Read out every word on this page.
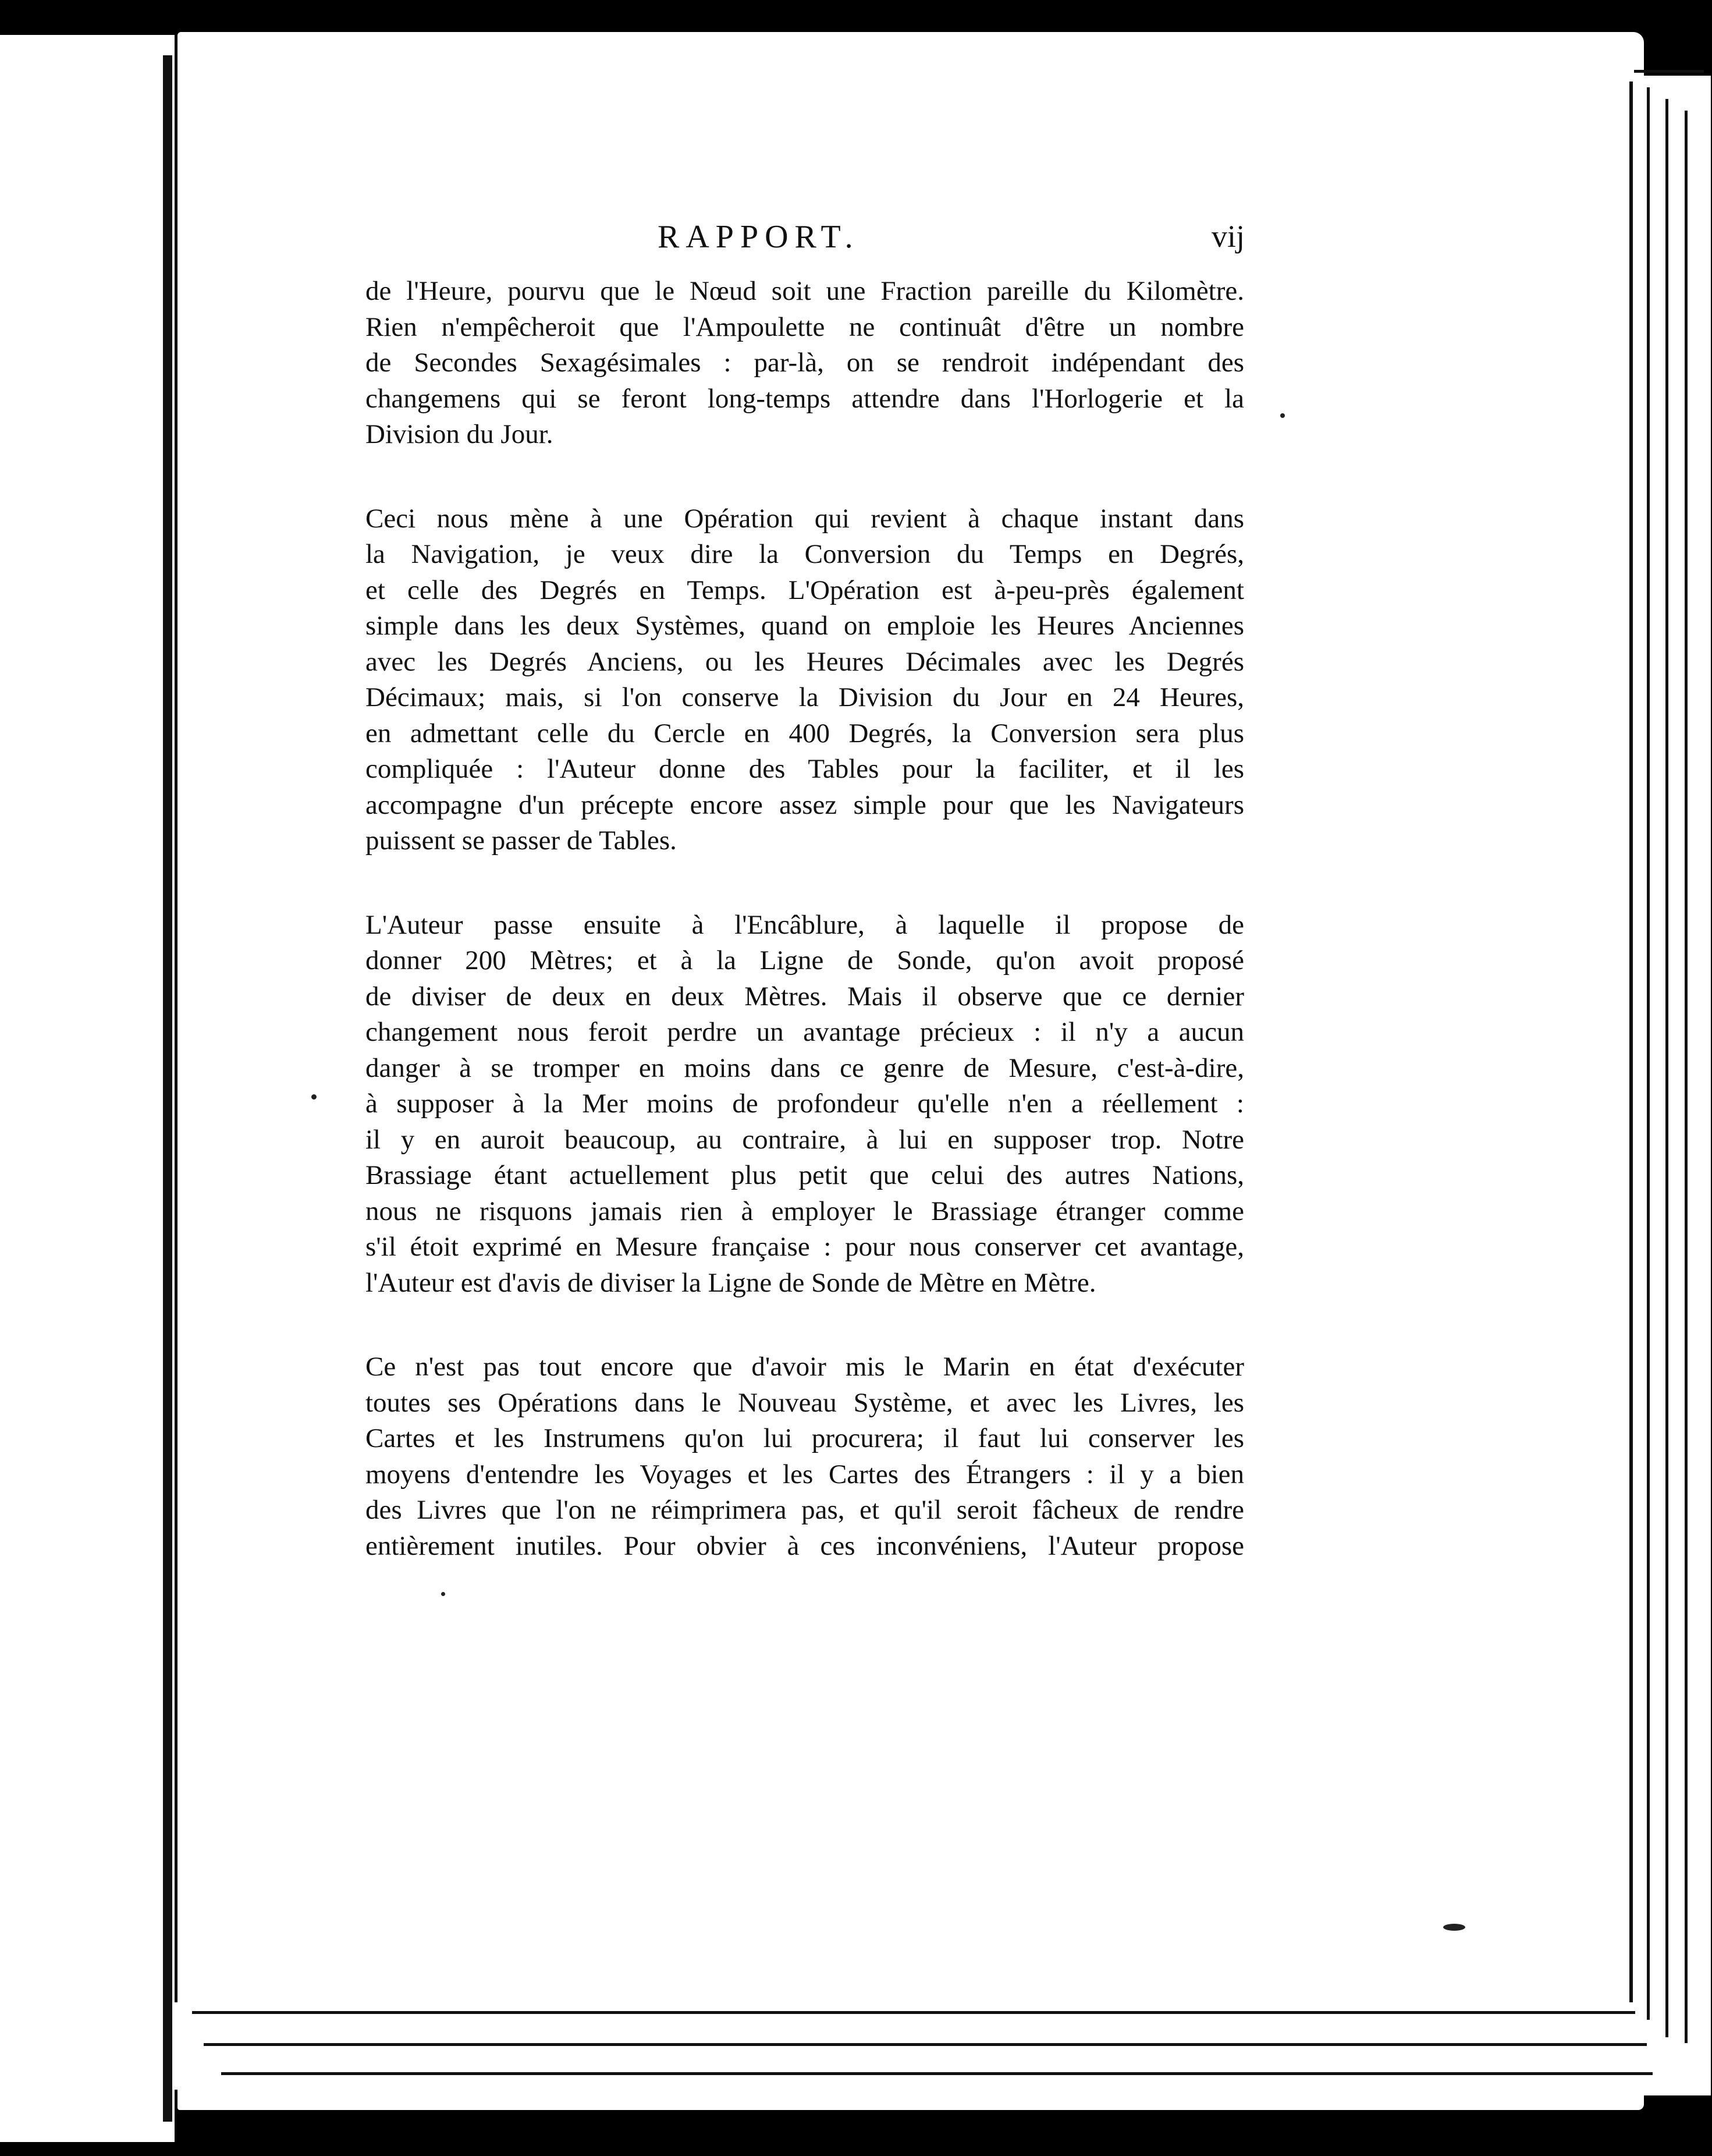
RAPPORT.	vij

de l'Heure, pourvu que le Nœud soit une Fraction pareille du Kilomètre.
Rien n'empêcheroit que l'Ampoulette ne continuât d'être un nombre
de Secondes Sexagésimales : par-là, on se rendroit indépendant des
changemens qui se feront long-temps attendre dans l'Horlogerie et la
Division du Jour.

Ceci nous mène à une Opération qui revient à chaque instant dans
la Navigation, je veux dire la Conversion du Temps en Degrés,
et celle des Degrés en Temps. L'Opération est à-peu-près également
simple dans les deux Systèmes, quand on emploie les Heures Anciennes
avec les Degrés Anciens, ou les Heures Décimales avec les Degrés
Décimaux; mais, si l'on conserve la Division du Jour en 24 Heures,
en admettant celle du Cercle en 400 Degrés, la Conversion sera plus
compliquée : l'Auteur donne des Tables pour la faciliter, et il les
accompagne d'un précepte encore assez simple pour que les Navigateurs
puissent se passer de Tables.

L'Auteur passe ensuite à l'Encâblure, à laquelle il propose de
donner 200 Mètres; et à la Ligne de Sonde, qu'on avoit proposé
de diviser de deux en deux Mètres. Mais il observe que ce dernier
changement nous feroit perdre un avantage précieux : il n'y a aucun
danger à se tromper en moins dans ce genre de Mesure, c'est-à-dire,
à supposer à la Mer moins de profondeur qu'elle n'en a réellement :
il y en auroit beaucoup, au contraire, à lui en supposer trop. Notre
Brassiage étant actuellement plus petit que celui des autres Nations,
nous ne risquons jamais rien à employer le Brassiage étranger comme
s'il étoit exprimé en Mesure française : pour nous conserver cet avantage,
l'Auteur est d'avis de diviser la Ligne de Sonde de Mètre en Mètre.

Ce n'est pas tout encore que d'avoir mis le Marin en état d'exécuter
toutes ses Opérations dans le Nouveau Système, et avec les Livres, les
Cartes et les Instrumens qu'on lui procurera; il faut lui conserver les
moyens d'entendre les Voyages et les Cartes des Étrangers : il y a bien
des Livres que l'on ne réimprimera pas, et qu'il seroit fâcheux de rendre
entièrement inutiles. Pour obvier à ces inconvéniens, l'Auteur propose
